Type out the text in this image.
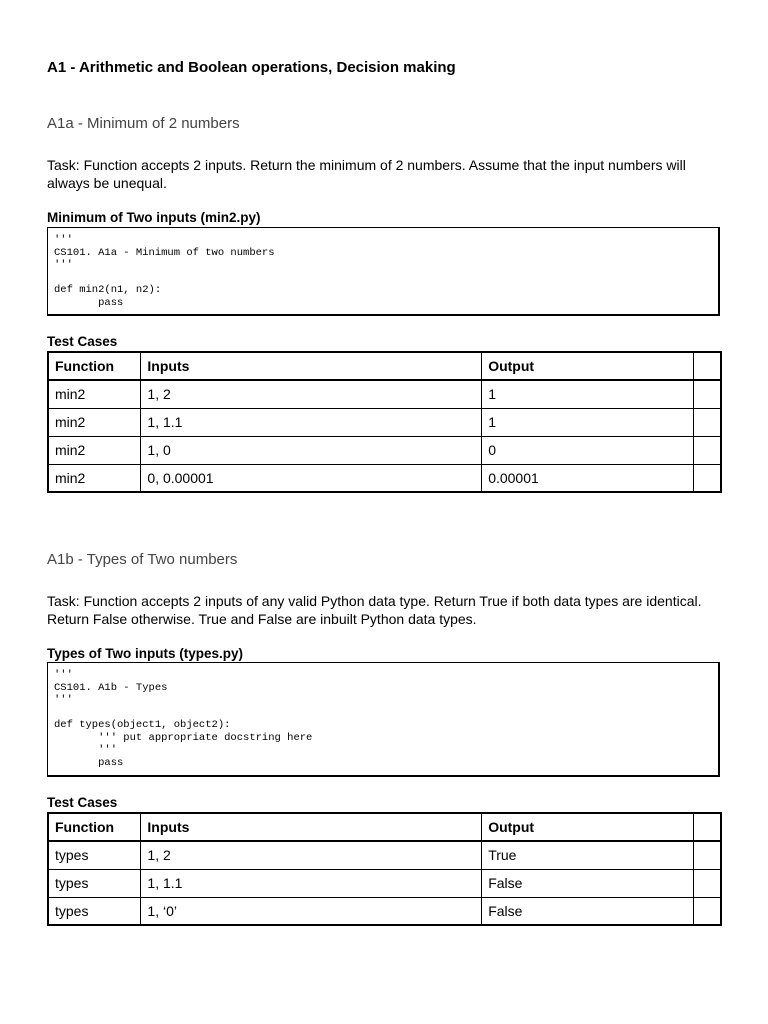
A1 - Arithmetic and Boolean operations, Decision making
A1a - Minimum of 2 numbers
Task: Function accepts 2 inputs. Return the minimum of 2 numbers. Assume that the input numbers will always be unequal.
Minimum of Two inputs (min2.py)
'''
CS101. A1a - Minimum of two numbers
'''
def min2(n1, n2):
pass
Test Cases
Function	Inputs	Output	
min2	1, 2	1	
min2	1, 1.1	1	
min2	1, 0	0	
min2	0, 0.00001	0.00001	
A1b - Types of Two numbers
Task: Function accepts 2 inputs of any valid Python data type. Return True if both data types are identical. Return False otherwise. True and False are inbuilt Python data types.
Types of Two inputs (types.py)
'''
CS101. A1b - Types
'''
def types(object1, object2):
''' put appropriate docstring here
'''
pass
Test Cases
Function	Inputs	Output	
types	1, 2	True	
types	1, 1.1	False	
types	1, ‘0’	False	
